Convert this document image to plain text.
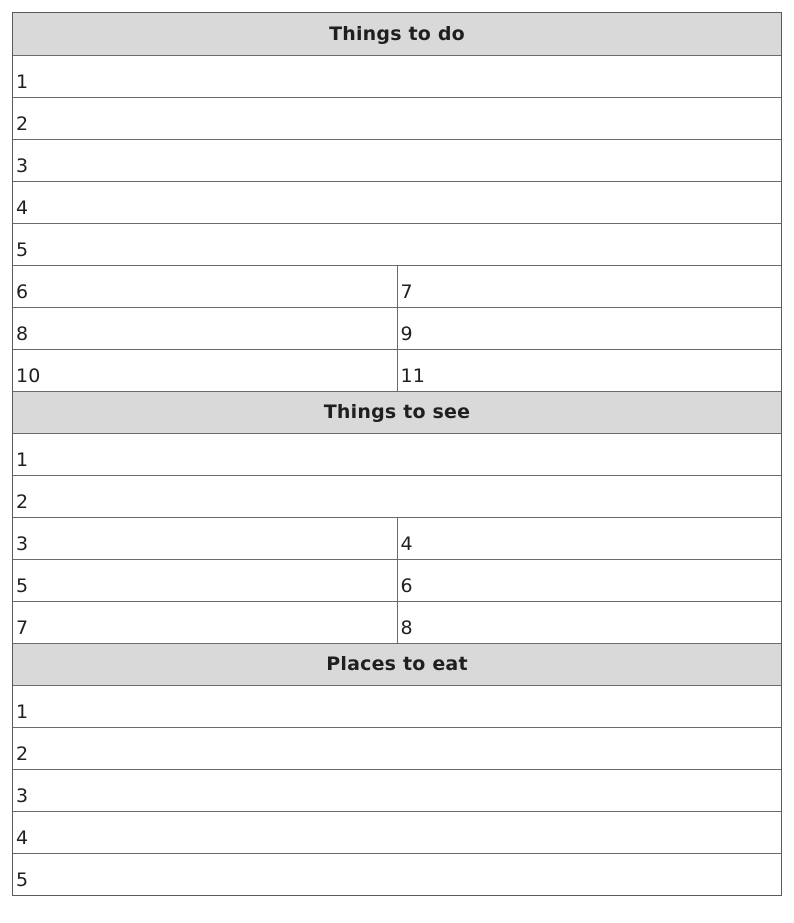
Things to do	
1	
2	
3	
4	
5	
6	7
8	9
10	11
Things to see	
1	
2	
3	4
5	6
7	8
Places to eat	
1	
2	
3	
4	
5	
